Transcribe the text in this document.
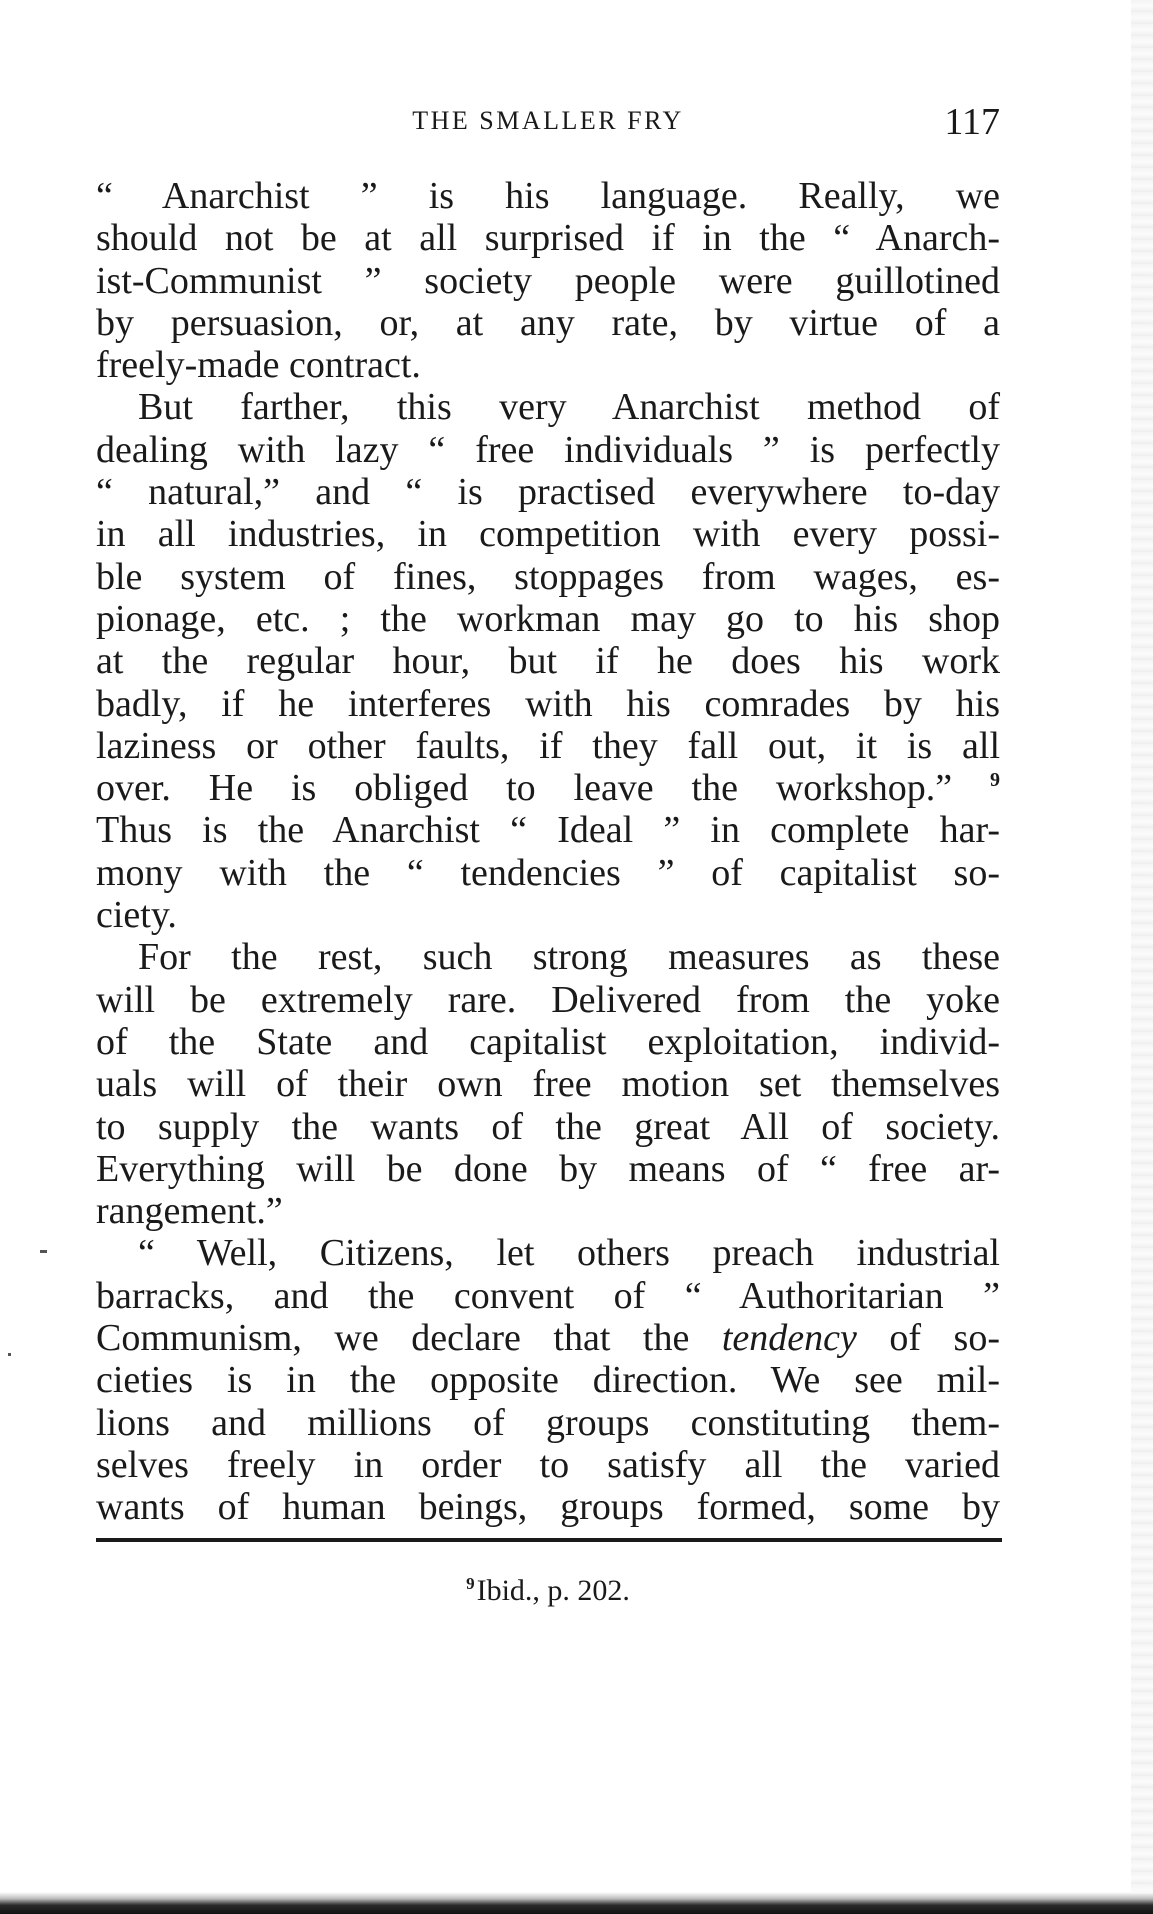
THE SMALLER FRY	117
“ Anarchist ” is his language. Really, we
should not be at all surprised if in the “ Anarch-
ist-Communist ” society people were guillotined
by persuasion, or, at any rate, by virtue of a
freely-made contract.
But farther, this very Anarchist method of
dealing with lazy “ free individuals ” is perfectly
“ natural,” and “ is practised everywhere to-day
in all industries, in competition with every possi-
ble system of fines, stoppages from wages, es-
pionage, etc. ; the workman may go to his shop
at the regular hour, but if he does his work
badly, if he interferes with his comrades by his
laziness or other faults, if they fall out, it is all
over. He is obliged to leave the workshop.” $^9$
Thus is the Anarchist “ Ideal ” in complete har-
mony with the “ tendencies ” of capitalist so-
ciety.
For the rest, such strong measures as these
will be extremely rare. Delivered from the yoke
of the State and capitalist exploitation, individ-
uals will of their own free motion set themselves
to supply the wants of the great All of society.
Everything will be done by means of “ free ar-
rangement.”
“ Well, Citizens, let others preach industrial
barracks, and the convent of “ Authoritarian ”
Communism, we declare that the tendency of so-
cieties is in the opposite direction. We see mil-
lions and millions of groups constituting them-
selves freely in order to satisfy all the varied
wants of human beings, groups formed, some by
$^9$Ibid., p. 202.
